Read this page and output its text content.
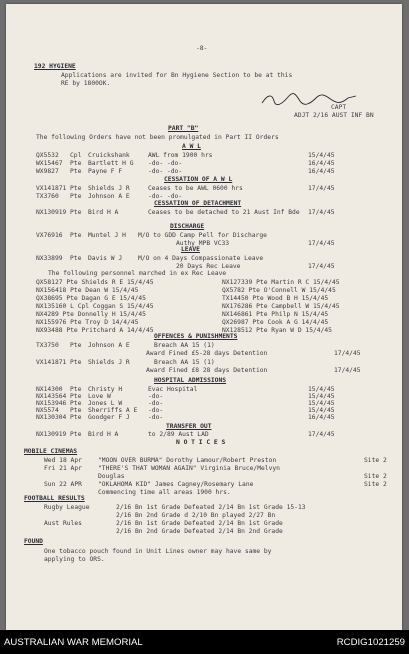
-8-
192 HYGIENE
Applications are invited for Bn Hygiene Section to be at this
RE by 1800OK.
CAPT
ADJT 2/16 AUST INF BN
PART "B"
The following Orders have not been promulgated in Part II Orders
A W L
QX5532 Cpl Cruickshank	AWL from 1900 hrs	15/4/45
WX15467 Pte Bartlett H G -do- -do-	16/4/45
WX9827 Pte Payne F F	-do- -do-	16/4/45
CESSATION OF A W L
VX141871 Pte Shields J R	Ceases to be AWL 0600 hrs	17/4/45
TX3760 Pte Johnson A E	-do- -do-
CESSATION OF DETACHMENT
NX130919 Pte Bird H A	Ceases to be detached to 21 Aust Inf Bde 17/4/45
DISCHARGE
VX76916 Pte Muntel J H M/O to GDD Camp Pell for Discharge
Authy MPB VC33	17/4/45
LEAVE
NX33899 Pte Davis W J	M/O on 4 Days Compassionate Leave
20 Days Rec Leave	17/4/45
The following personnel marched in ex Rec Leave
QX58127 Pte Shields R E 15/4/45	NX127339 Pte Martin R C 15/4/45
NX156418 Pte Dean W 15/4/45	QX5782 Pte O'Connell W 15/4/45
QX38695 Pte Dagan G E 15/4/45	TX14450 Pte Wood B H 15/4/45
NX135160 L Cpl Coggan S 15/4/45	NX176286 Pte Campbell W 15/4/45
NX4289 Pte Donnelly H 15/4/45	NX146861 Pte Philp N 15/4/45
NX155976 Pte Troy D 14/4/45	QX26987 Pte Cook A G 14/4/45
NX93488 Pte Pritchard A 14/4/45	NX128512 Pte Ryan W D 15/4/45
OFFENCES & PUNISHMENTS
TX3750 Pte Johnson A E	Breach AA 15 (1)
Award Fined £5-28 days Detention	17/4/45
VX141871 Pte Shields J R	Breach AA 15 (1)
Award Fined £8 28 days Detention	17/4/45
HOSPITAL ADMISSIONS
NX14300 Pte Christy H	Evac Hospital	15/4/45
NX143564 Pte Love W	-do-	15/4/45
NX153946 Pte Jones L W	-do-	15/4/45
NX5574 Pte Sherriffs A E -do-	15/4/45
NX130304 Pte Goodger F J	-do-	16/4/45
TRANSFER OUT
NX130919 Pte Bird H A	to 2/89 Aust LAD	17/4/45
N O T I C E S
MOBILE CINEMAS
Wed 18 Apr	"MOON OVER BURMA" Dorothy Lamour/Robert Preston	Site 2
Fri 21 Apr	"THERE'S THAT WOMAN AGAIN" Virginia Bruce/Melvyn
Douglas	Site 2
Sun 22 APR	"OKLAHOMA KID" James Cagney/Rosemary Lane	Site 2
Commencing time all areas 1900 hrs.
FOOTBALL RESULTS
Rugby League	2/16 Bn 1st Grade Defeated 2/14 Bn 1st Grade 15-13
2/16 Bn 2nd Grade d 2/10 Bn played 2/27 Bn
Aust Rules	2/16 Bn 1st Grade Defeated 2/14 Bn 1st Grade
2/16 Bn 2nd Grade Defeated 2/14 Bn 2nd Grade
FOUND
One tobacco pouch found in Unit Lines owner may have same by
applying to ORS.
AUSTRALIAN WAR MEMORIAL	RCDIG1021259
